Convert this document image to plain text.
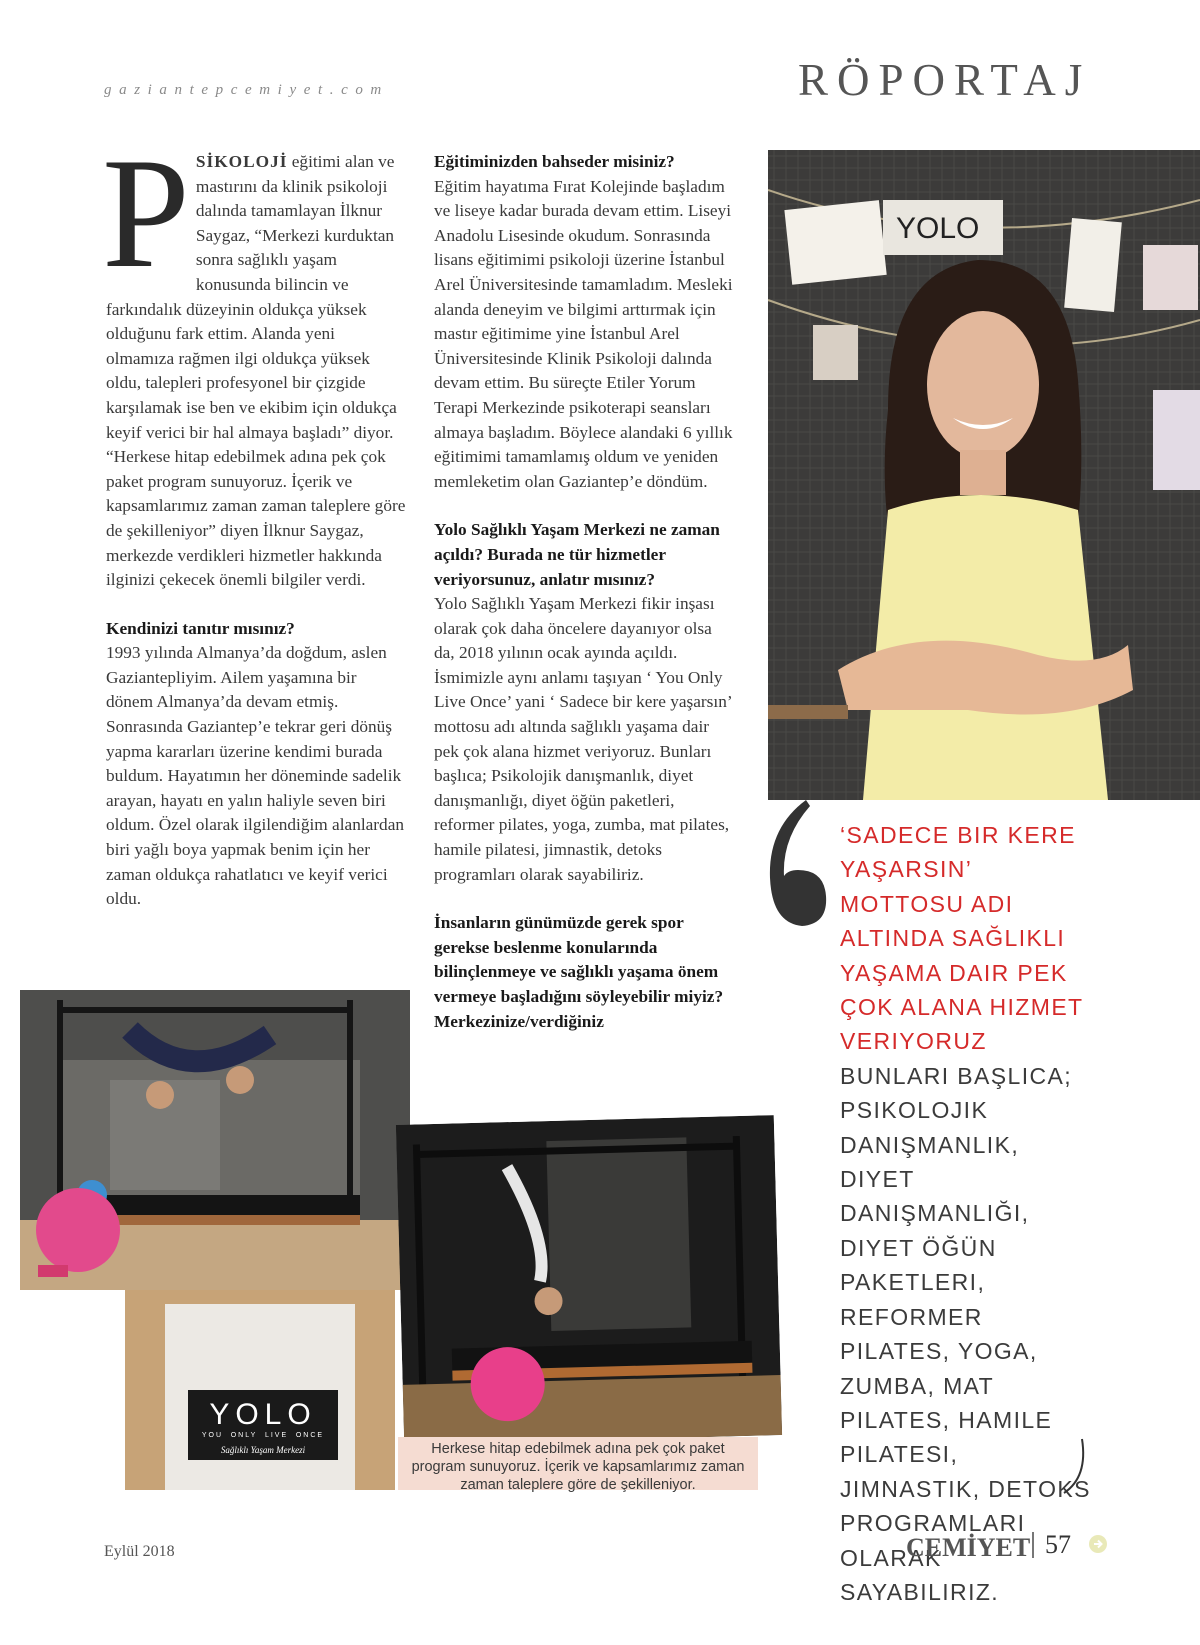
gaziantepcemiyet.com	RÖPORTAJ

P SİKOLOJİ eğitimi alan ve mastırını da klinik psikoloji dalında tamamlayan İlknur Saygaz, “Merkezi kurduktan sonra sağlıklı yaşam konusunda bilincin ve farkındalık düzeyinin oldukça yüksek olduğunu fark ettim. Alanda yeni olmamıza rağmen ilgi oldukça yüksek oldu, talepleri profesyonel bir çizgide karşılamak ise ben ve ekibim için oldukça keyif verici bir hal almaya başladı” diyor.

“Herkese hitap edebilmek adına pek çok paket program sunuyoruz. İçerik ve kapsamlarımız zaman zaman taleplere göre de şekilleniyor” diyen İlknur Saygaz, merkezde verdikleri hizmetler hakkında ilginizi çekecek önemli bilgiler verdi.

Kendinizi tanıtır mısınız?

1993 yılında Almanya’da doğdum, aslen Gaziantepliyim. Ailem yaşamına bir dönem Almanya’da devam etmiş. Sonrasında Gaziantep’e tekrar geri dönüş yapma kararları üzerine kendimi burada buldum. Hayatımın her döneminde sadelik arayan, hayatı en yalın haliyle seven biri oldum. Özel olarak ilgilendiğim alanlardan biri yağlı boya yapmak benim için her zaman oldukça rahatlatıcı ve keyif verici oldu.

Eğitiminizden bahseder misiniz?

Eğitim hayatıma Fırat Kolejinde başladım ve liseye kadar burada devam ettim. Liseyi Anadolu Lisesinde okudum. Sonrasında lisans eğitimimi psikoloji üzerine İstanbul Arel Üniversitesinde tamamladım. Mesleki alanda deneyim ve bilgimi arttırmak için mastır eğitimime yine İstanbul Arel Üniversitesinde Klinik Psikoloji dalında devam ettim. Bu süreçte Etiler Yorum Terapi Merkezinde psikoterapi seansları almaya başladım. Böylece alandaki 6 yıllık eğitimimi tamamlamış oldum ve yeniden memleketim olan Gaziantep’e döndüm.

Yolo Sağlıklı Yaşam Merkezi ne zaman açıldı? Burada ne tür hizmetler veriyorsunuz, anlatır mısınız?

Yolo Sağlıklı Yaşam Merkezi fikir inşası olarak çok daha öncelere dayanıyor olsa da, 2018 yılının ocak ayında açıldı. İsmimizle aynı anlamı taşıyan ‘ You Only Live Once’ yani ‘ Sadece bir kere yaşarsın’ mottosu adı altında sağlıklı yaşama dair pek çok alana hizmet veriyoruz. Bunları başlıca; Psikolojik danışmanlık, diyet danışmanlığı, diyet öğün paketleri, reformer pilates, yoga, zumba, mat pilates, hamile pilatesi, jimnastik, detoks programları olarak sayabiliriz.

İnsanların günümüzde gerek spor gerekse beslenme konularında bilinçlenmeye ve sağlıklı yaşama önem vermeye başladığını söyleyebilir miyiz? Merkezinize/verdiğiniz
YOLO
‘SADECE BIR KERE YAŞARSIN’ MOTTOSU ADI ALTINDA SAĞLIKLI YAŞAMA DAIR PEK ÇOK ALANA HIZMET VERIYORUZ
BUNLARI BAŞLICA; PSIKOLOJIK DANIŞMANLIK, DIYET DANIŞMANLIĞI, DIYET ÖĞÜN PAKETLERI, REFORMER PILATES, YOGA, ZUMBA, MAT PILATES, HAMILE PILATESI, JIMNASTIK, DETOKS PROGRAMLARI OLARAK SAYABILIRIZ.
YOLO
YOU ONLY LIVE ONCE
Sağlıklı Yaşam Merkezi	Herkese hitap edebilmek adına pek çok paket program sunuyoruz. İçerik ve kapsamlarımız zaman zaman taleplere göre de şekilleniyor.
Eylül 2018	CEMİYET 57
